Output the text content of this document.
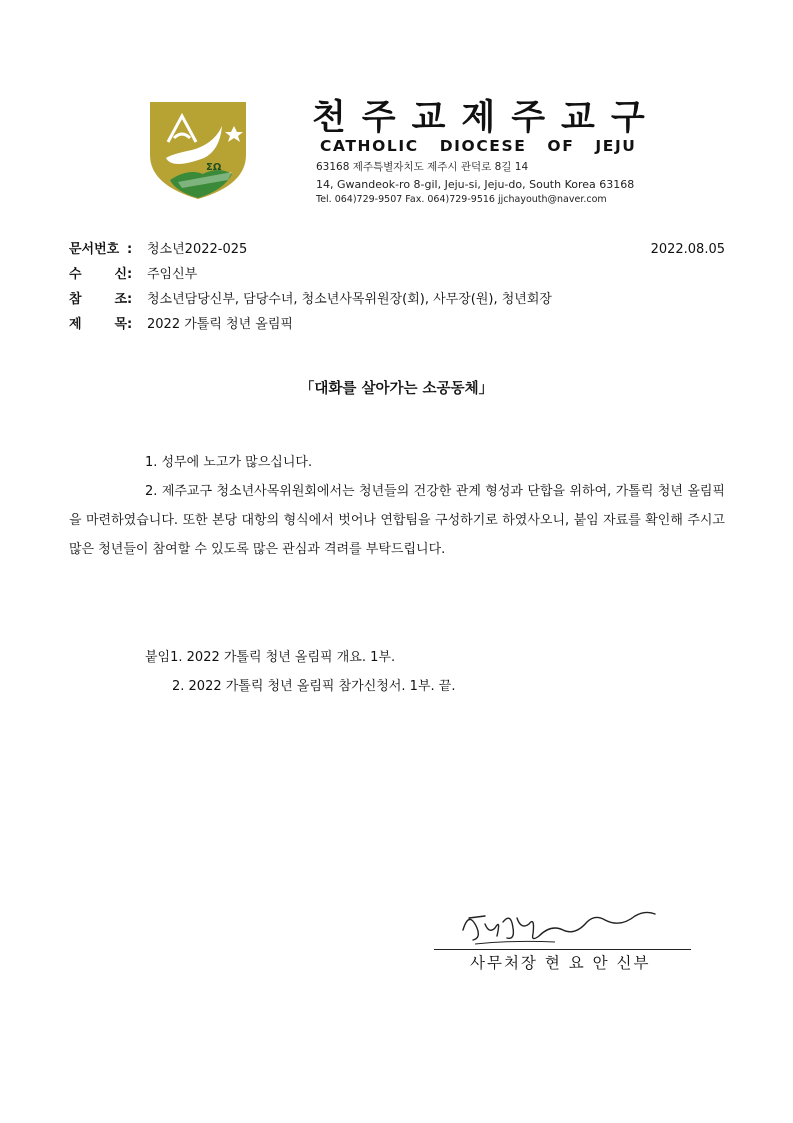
ΣΩ
천주교제주교구
CATHOLIC DIOCESE OF JEJU
63168 제주특별자치도 제주시 관덕로 8길 14
14, Gwandeok-ro 8-gil, Jeju-si, Jeju-do, South Korea 63168
Tel. 064)729-9507 Fax. 064)729-9516 jjchayouth@naver.com
문서번호 : 청소년2022-025	2022.08.05
수	신 : 주임신부
참	조 : 청소년담당신부, 담당수녀, 청소년사목위원장(회), 사무장(원), 청년회장
제	목 : 2022 가톨릭 청년 올림픽
「대화를 살아가는 소공동체」
1. 성무에 노고가 많으십니다.
2. 제주교구 청소년사목위원회에서는 청년들의 건강한 관계 형성과 단합을 위하여, 가톨릭 청년 올림픽을 마련하였습니다. 또한 본당 대항의 형식에서 벗어나 연합팀을 구성하기로 하였사오니, 붙임 자료를 확인해 주시고 많은 청년들이 참여할 수 있도록 많은 관심과 격려를 부탁드립니다.
붙임1. 2022 가톨릭 청년 올림픽 개요. 1부.
2. 2022 가톨릭 청년 올림픽 참가신청서. 1부. 끝.
사무처장 현 요 안 신부
